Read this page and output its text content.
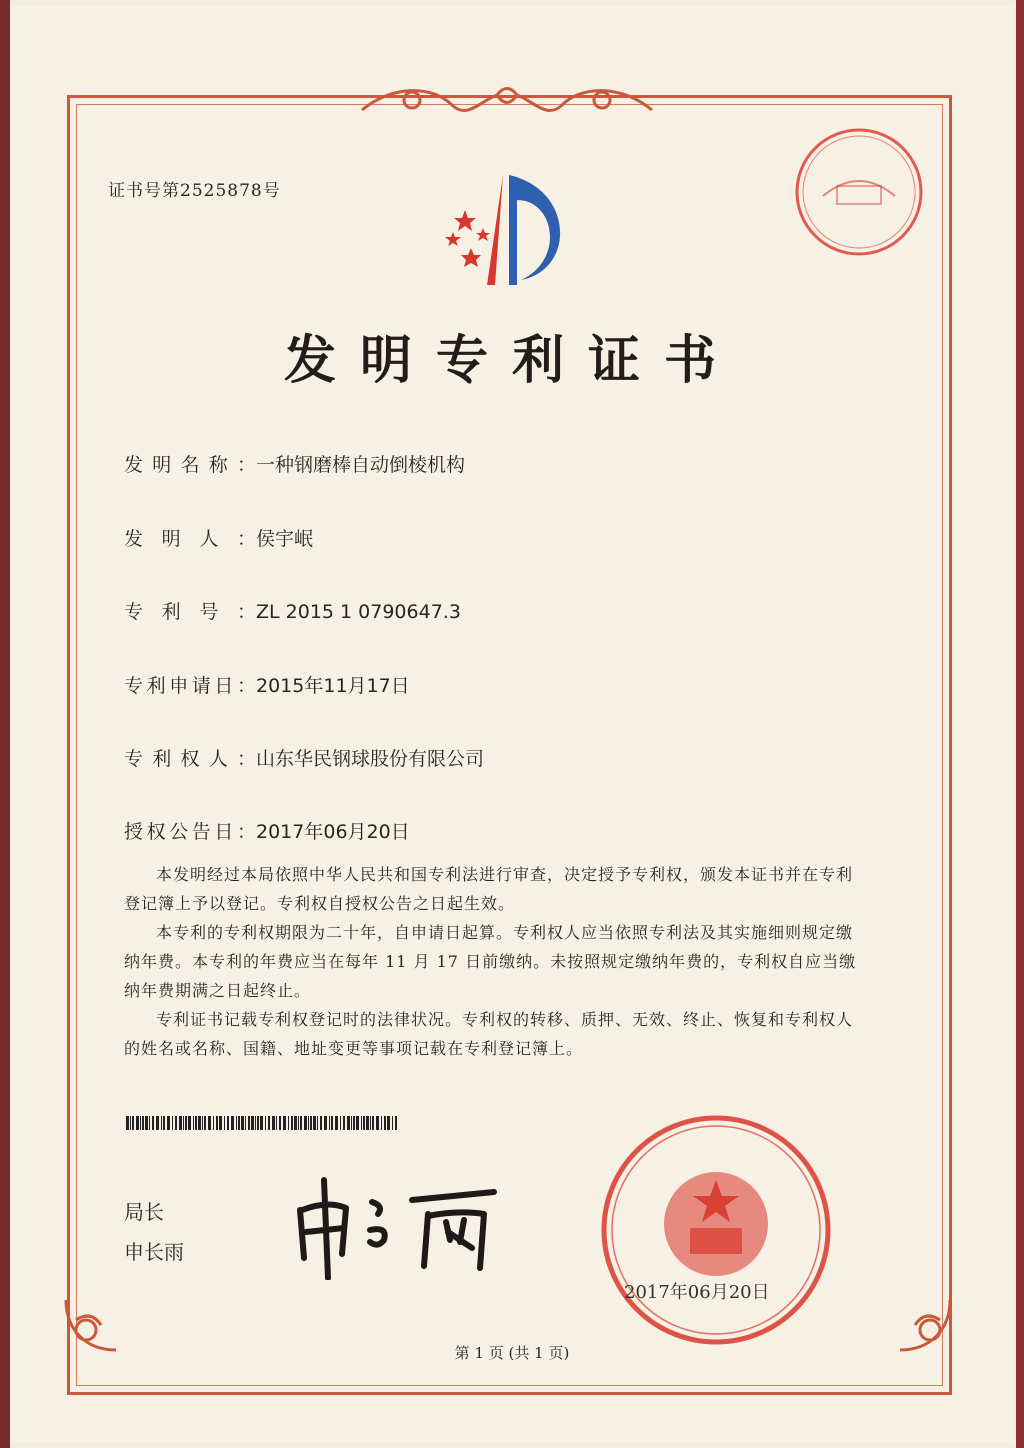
证书号第2525878号
发明专利证书
发明名称：一种钢磨棒自动倒棱机构
发明人：侯宇岷
专利号：ZL 2015 1 0790647.3
专利申请日：2015年11月17日
专利权人：山东华民钢球股份有限公司
授权公告日：2017年06月20日

本发明经过本局依照中华人民共和国专利法进行审查，决定授予专利权，颁发本证书并在专利登记簿上予以登记。专利权自授权公告之日起生效。

本专利的专利权期限为二十年，自申请日起算。专利权人应当依照专利法及其实施细则规定缴纳年费。本专利的年费应当在每年 11 月 17 日前缴纳。未按照规定缴纳年费的，专利权自应当缴纳年费期满之日起终止。

专利证书记载专利权登记时的法律状况。专利权的转移、质押、无效、终止、恢复和专利权人的姓名或名称、国籍、地址变更等事项记载在专利登记簿上。

局长
申长雨
2017年06月20日
第 1 页 (共 1 页)
